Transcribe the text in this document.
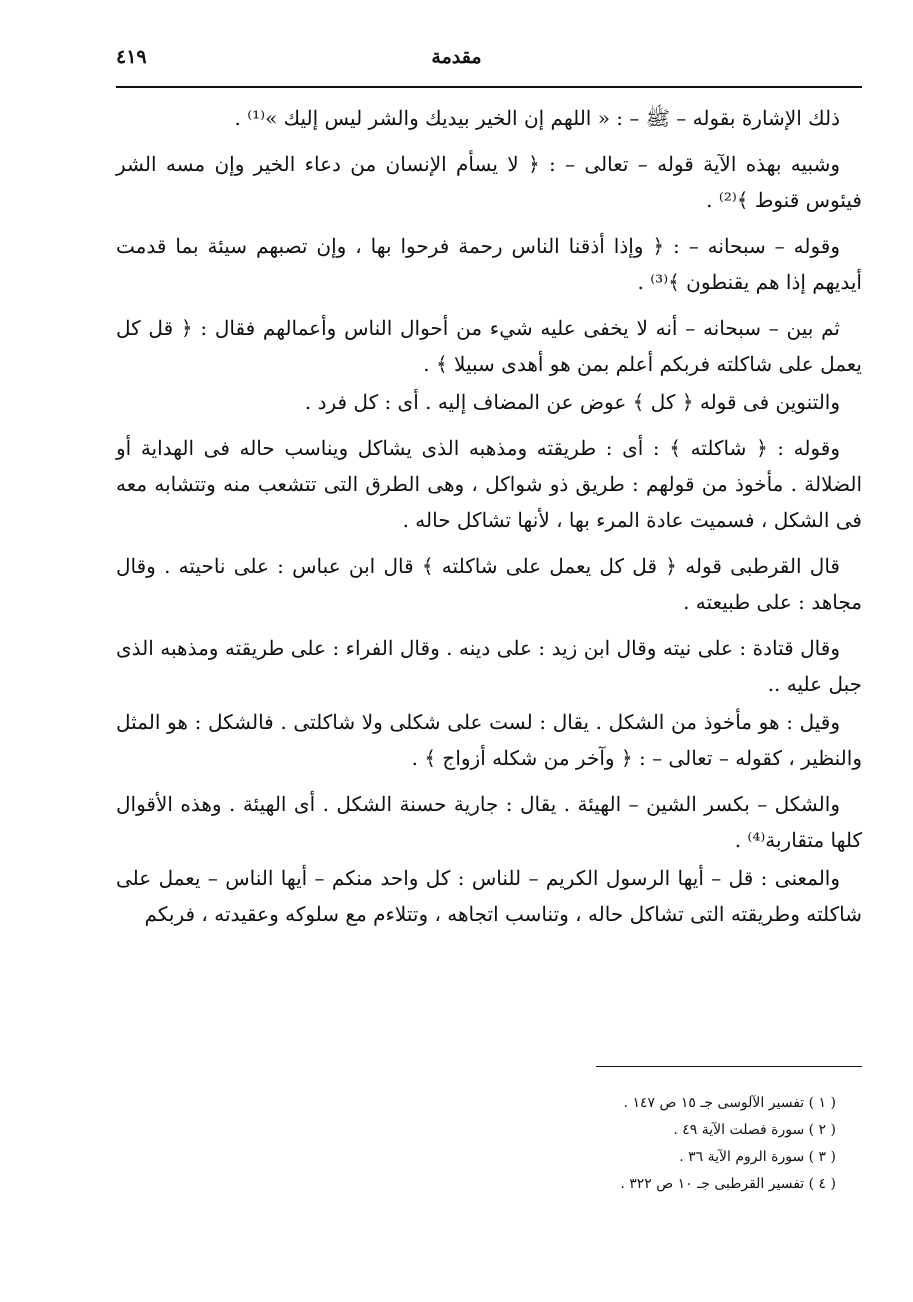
مقدمة
٤١٩

ذلك الإشارة بقوله – ﷺ – : « اللهم إن الخير بيديك والشر ليس إليك »⁽¹⁾ .

وشبيه بهذه الآية قوله – تعالى – : ﴿ لا يسأم الإنسان من دعاء الخير وإن مسه الشر فيئوس قنوط ﴾⁽²⁾ .

وقوله – سبحانه – : ﴿ وإذا أذقنا الناس رحمة فرحوا بها ، وإن تصبهم سيئة بما قدمت أيديهم إذا هم يقنطون ﴾⁽³⁾ .

ثم بين – سبحانه – أنه لا يخفى عليه شيء من أحوال الناس وأعمالهم فقال : ﴿ قل كل يعمل على شاكلته فربكم أعلم بمن هو أهدى سبيلا ﴾ .

والتنوين فى قوله ﴿ كل ﴾ عوض عن المضاف إليه . أى : كل فرد .

وقوله : ﴿ شاكلته ﴾ : أى : طريقته ومذهبه الذى يشاكل ويناسب حاله فى الهداية أو الضلالة . مأخوذ من قولهم : طريق ذو شواكل ، وهى الطرق التى تتشعب منه وتتشابه معه فى الشكل ، فسميت عادة المرء بها ، لأنها تشاكل حاله .

قال القرطبى قوله ﴿ قل كل يعمل على شاكلته ﴾ قال ابن عباس : على ناحيته . وقال مجاهد : على طبيعته .

وقال قتادة : على نيته وقال ابن زيد : على دينه . وقال الفراء : على طريقته ومذهبه الذى جبل عليه ..

وقيل : هو مأخوذ من الشكل . يقال : لست على شكلى ولا شاكلتى . فالشكل : هو المثل والنظير ، كقوله – تعالى – : ﴿ وآخر من شكله أزواج ﴾ .

والشكل – بكسر الشين – الهيئة . يقال : جارية حسنة الشكل . أى الهيئة . وهذه الأقوال كلها متقاربة⁽⁴⁾ .

والمعنى : قل – أيها الرسول الكريم – للناس : كل واحد منكم – أيها الناس – يعمل على شاكلته وطريقته التى تشاكل حاله ، وتناسب اتجاهه ، وتتلاءم مع سلوكه وعقيدته ، فربكم

( ١ ) تفسير الآلوسى جـ ١٥ ص ١٤٧ .
( ٢ ) سورة فصلت الآية ٤٩ .
( ٣ ) سورة الروم الآية ٣٦ .
( ٤ ) تفسير القرطبى جـ ١٠ ص ٣٢٢ .
